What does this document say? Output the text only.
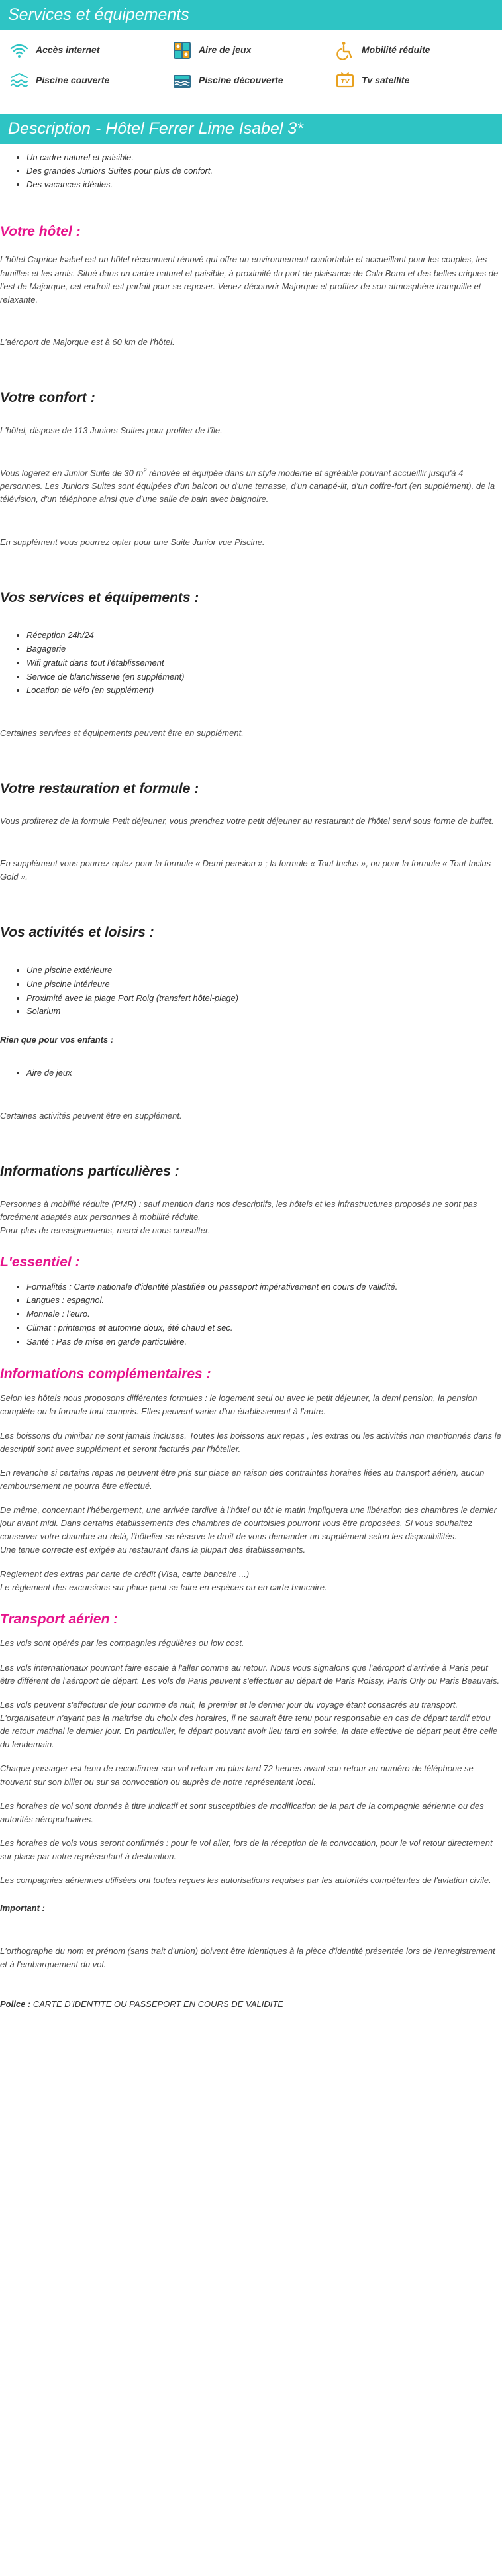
Services et équipements
Accès internet	Aire de jeux	Mobilité réduite
Piscine couverte	Piscine découverte	TV Tv satellite
Description - Hôtel Ferrer Lime Isabel 3*
• Un cadre naturel et paisible.
• Des grandes Juniors Suites pour plus de confort.
• Des vacances idéales.
Votre hôtel :

L'hôtel Caprice Isabel est un hôtel récemment rénové qui offre un environnement confortable et accueillant pour les couples, les familles et les amis. Situé dans un cadre naturel et paisible, à proximité du port de plaisance de Cala Bona et des belles criques de l'est de Majorque, cet endroit est parfait pour se reposer. Venez découvrir Majorque et profitez de son atmosphère tranquille et relaxante.

L'aéroport de Majorque est à 60 km de l'hôtel.

Votre confort :

L'hôtel, dispose de 113 Juniors Suites pour profiter de l'île.

Vous logerez en Junior Suite de 30 $m^2$ rénovée et équipée dans un style moderne et agréable pouvant accueillir jusqu'à 4 personnes. Les Juniors Suites sont équipées d'un balcon ou d'une terrasse, d'un canapé-lit, d'un coffre-fort (en supplément), de la télévision, d'un téléphone ainsi que d'une salle de bain avec baignoire.

En supplément vous pourrez opter pour une Suite Junior vue Piscine.

Vos services et équipements :
• Réception 24h/24
• Bagagerie
• Wifi gratuit dans tout l'établissement
• Service de blanchisserie (en supplément)
• Location de vélo (en supplément)

Certaines services et équipements peuvent être en supplément.

Votre restauration et formule :

Vous profiterez de la formule Petit déjeuner, vous prendrez votre petit déjeuner au restaurant de l'hôtel servi sous forme de buffet.

En supplément vous pourrez optez pour la formule « Demi-pension » ; la formule « Tout Inclus », ou pour la formule « Tout Inclus Gold ».

Vos activités et loisirs :
• Une piscine extérieure
• Une piscine intérieure
• Proximité avec la plage Port Roig (transfert hôtel-plage)
• Solarium

Rien que pour vos enfants :

• Aire de jeux

Certaines activités peuvent être en supplément.

Informations particulières :

Personnes à mobilité réduite (PMR) : sauf mention dans nos descriptifs, les hôtels et les infrastructures proposés ne sont pas forcément adaptés aux personnes à mobilité réduite.

Pour plus de renseignements, merci de nous consulter.

L'essentiel :
• Formalités : Carte nationale d'identité plastifiée ou passeport impérativement en cours de validité.
• Langues : espagnol.
• Monnaie : l'euro.
• Climat : printemps et automne doux, été chaud et sec.
• Santé : Pas de mise en garde particulière.
Informations complémentaires :

Selon les hôtels nous proposons différentes formules : le logement seul ou avec le petit déjeuner, la demi pension, la pension complète ou la formule tout compris. Elles peuvent varier d'un établissement à l'autre.

Les boissons du minibar ne sont jamais incluses. Toutes les boissons aux repas , les extras ou les activités non mentionnés dans le descriptif sont avec supplément et seront facturés par l'hôtelier.

En revanche si certains repas ne peuvent être pris sur place en raison des contraintes horaires liées au transport aérien, aucun remboursement ne pourra être effectué.

De même, concernant l'hébergement, une arrivée tardive à l'hôtel ou tôt le matin impliquera une libération des chambres le dernier jour avant midi. Dans certains établissements des chambres de courtoisies pourront vous être proposées. Si vous souhaitez conserver votre chambre au-delà, l'hôtelier se réserve le droit de vous demander un supplément selon les disponibilités.

Une tenue correcte est exigée au restaurant dans la plupart des établissements.

Règlement des extras par carte de crédit (Visa, carte bancaire ...)

Le règlement des excursions sur place peut se faire en espèces ou en carte bancaire.

Transport aérien :

Les vols sont opérés par les compagnies régulières ou low cost.

Les vols internationaux pourront faire escale à l'aller comme au retour. Nous vous signalons que l'aéroport d'arrivée à Paris peut être différent de l'aéroport de départ. Les vols de Paris peuvent s'effectuer au départ de Paris Roissy, Paris Orly ou Paris Beauvais.

Les vols peuvent s'effectuer de jour comme de nuit, le premier et le dernier jour du voyage étant consacrés au transport. L'organisateur n'ayant pas la maîtrise du choix des horaires, il ne saurait être tenu pour responsable en cas de départ tardif et/ou de retour matinal le dernier jour. En particulier, le départ pouvant avoir lieu tard en soirée, la date effective de départ peut être celle du lendemain.

Chaque passager est tenu de reconfirmer son vol retour au plus tard 72 heures avant son retour au numéro de téléphone se trouvant sur son billet ou sur sa convocation ou auprès de notre représentant local.

Les horaires de vol sont donnés à titre indicatif et sont susceptibles de modification de la part de la compagnie aérienne ou des autorités aéroportuaires.

Les horaires de vols vous seront confirmés : pour le vol aller, lors de la réception de la convocation, pour le vol retour directement sur place par notre représentant à destination.

Les compagnies aériennes utilisées ont toutes reçues les autorisations requises par les autorités compétentes de l'aviation civile.

Important :

L'orthographe du nom et prénom (sans trait d'union) doivent être identiques à la pièce d'identité présentée lors de l'enregistrement et à l'embarquement du vol.

Police : CARTE D'IDENTITE OU PASSEPORT EN COURS DE VALIDITE
